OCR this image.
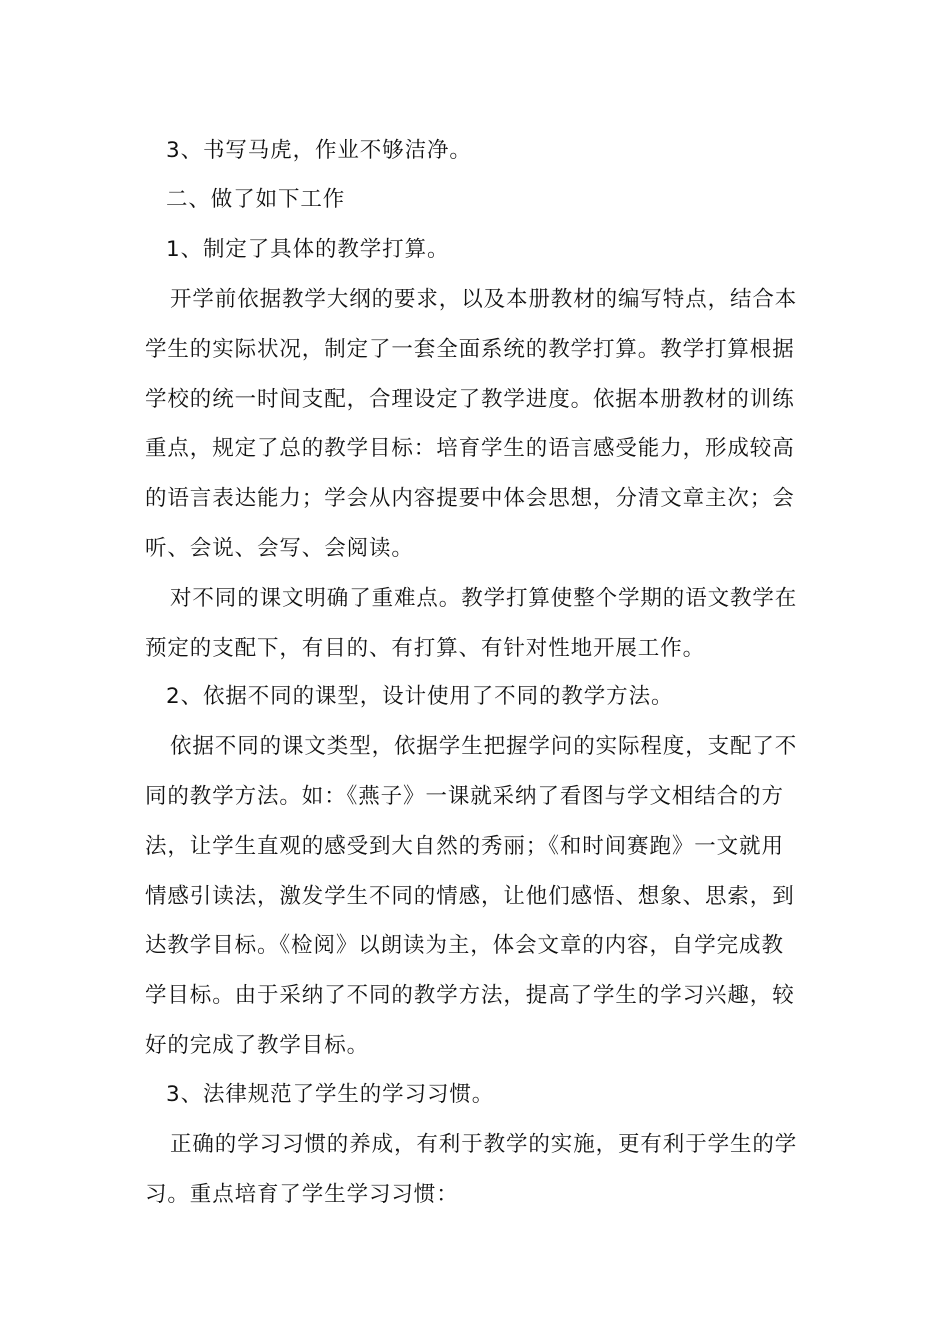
3、书写马虎，作业不够洁净。
二、做了如下工作
1、制定了具体的教学打算。
开学前依据教学大纲的要求，以及本册教材的编写特点，结合本
学生的实际状况，制定了一套全面系统的教学打算。教学打算根据
学校的统一时间支配，合理设定了教学进度。依据本册教材的训练
重点，规定了总的教学目标：培育学生的语言感受能力，形成较高
的语言表达能力；学会从内容提要中体会思想，分清文章主次；会
听、会说、会写、会阅读。
对不同的课文明确了重难点。教学打算使整个学期的语文教学在
预定的支配下，有目的、有打算、有针对性地开展工作。
2、依据不同的课型，设计使用了不同的教学方法。
依据不同的课文类型，依据学生把握学问的实际程度，支配了不
同的教学方法。如：《燕子》一课就采纳了看图与学文相结合的方
法，让学生直观的感受到大自然的秀丽；《和时间赛跑》一文就用
情感引读法，激发学生不同的情感，让他们感悟、想象、思索，到
达教学目标。《检阅》以朗读为主，体会文章的内容，自学完成教
学目标。由于采纳了不同的教学方法，提高了学生的学习兴趣，较
好的完成了教学目标。
3、法律规范了学生的学习习惯。
正确的学习习惯的养成，有利于教学的实施，更有利于学生的学
习。重点培育了学生学习习惯：
